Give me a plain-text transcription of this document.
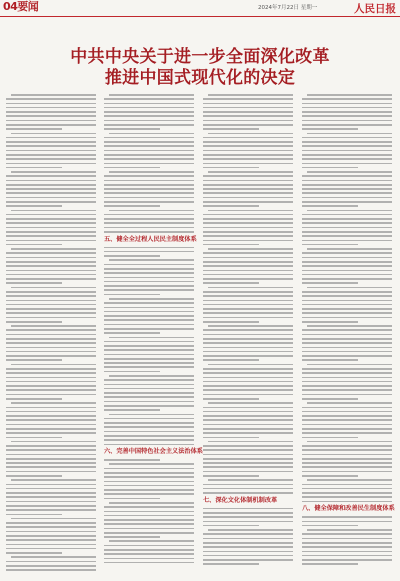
04要闻	2024年7月22日 星期一	人民日报
中共中央关于进一步全面深化改革
推进中国式现代化的决定
五、健全全过程人民民主制度体系
六、完善中国特色社会主义法治体系
七、深化文化体制机制改革
八、健全保障和改善民生制度体系
